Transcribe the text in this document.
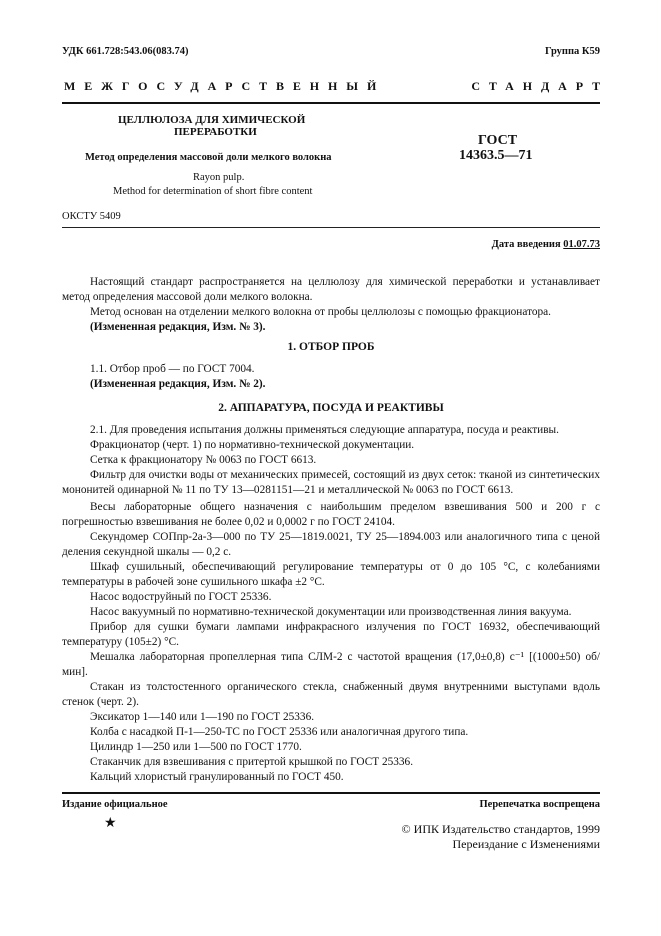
УДК 661.728:543.06(083.74)	Группа К59
МЕЖГОСУДАРСТВЕННЫЙ	СТАНДАРТ
ЦЕЛЛЮЛОЗА ДЛЯ ХИМИЧЕСКОЙ
ПЕРЕРАБОТКИ
Метод определения массовой доли мелкого волокна
Rayon pulp.
Method for determination of short fibre content
ГОСТ
14363.5—71
ОКСТУ 5409
Дата введения 01.07.73
Настоящий стандарт распространяется на целлюлозу для химической переработки и устанавливает метод определения массовой доли мелкого волокна.
Метод основан на отделении мелкого волокна от пробы целлюлозы с помощью фракционатора.
(Измененная редакция, Изм. № 3).
1. ОТБОР ПРОБ
1.1. Отбор проб — по ГОСТ 7004.
(Измененная редакция, Изм. № 2).
2. АППАРАТУРА, ПОСУДА И РЕАКТИВЫ
2.1. Для проведения испытания должны применяться следующие аппаратура, посуда и реактивы.
Фракционатор (черт. 1) по нормативно-технической документации.
Сетка к фракционатору № 0063 по ГОСТ 6613.
Фильтр для очистки воды от механических примесей, состоящий из двух сеток: тканой из синтетических мононитей одинарной № 11 по ТУ 13—0281151—21 и металлической № 0063 по ГОСТ 6613.
Весы лабораторные общего назначения с наибольшим пределом взвешивания 500 и 200 г с погрешностью взвешивания не более 0,02 и 0,0002 г по ГОСТ 24104.
Секундомер СОПпр-2а-3—000 по ТУ 25—1819.0021, ТУ 25—1894.003 или аналогичного типа с ценой деления секундной шкалы — 0,2 с.
Шкаф сушильный, обеспечивающий регулирование температуры от 0 до 105 °С, с колебаниями температуры в рабочей зоне сушильного шкафа ±2 °С.
Насос водоструйный по ГОСТ 25336.
Насос вакуумный по нормативно-технической документации или производственная линия вакуума.
Прибор для сушки бумаги лампами инфракрасного излучения по ГОСТ 16932, обеспечивающий температуру (105±2) °С.
Мешалка лабораторная пропеллерная типа СЛМ-2 с частотой вращения (17,0±0,8) с⁻¹ [(1000±50) об/мин].
Стакан из толстостенного органического стекла, снабженный двумя внутренними выступами вдоль стенок (черт. 2).
Эксикатор 1—140 или 1—190 по ГОСТ 25336.
Колба с насадкой П-1—250-ТС по ГОСТ 25336 или аналогичная другого типа.
Цилиндр 1—250 или 1—500 по ГОСТ 1770.
Стаканчик для взвешивания с притертой крышкой по ГОСТ 25336.
Кальций хлористый гранулированный по ГОСТ 450.
Издание официальное	Перепечатка воспрещена
★	© ИПК Издательство стандартов, 1999
Переиздание с Изменениями
